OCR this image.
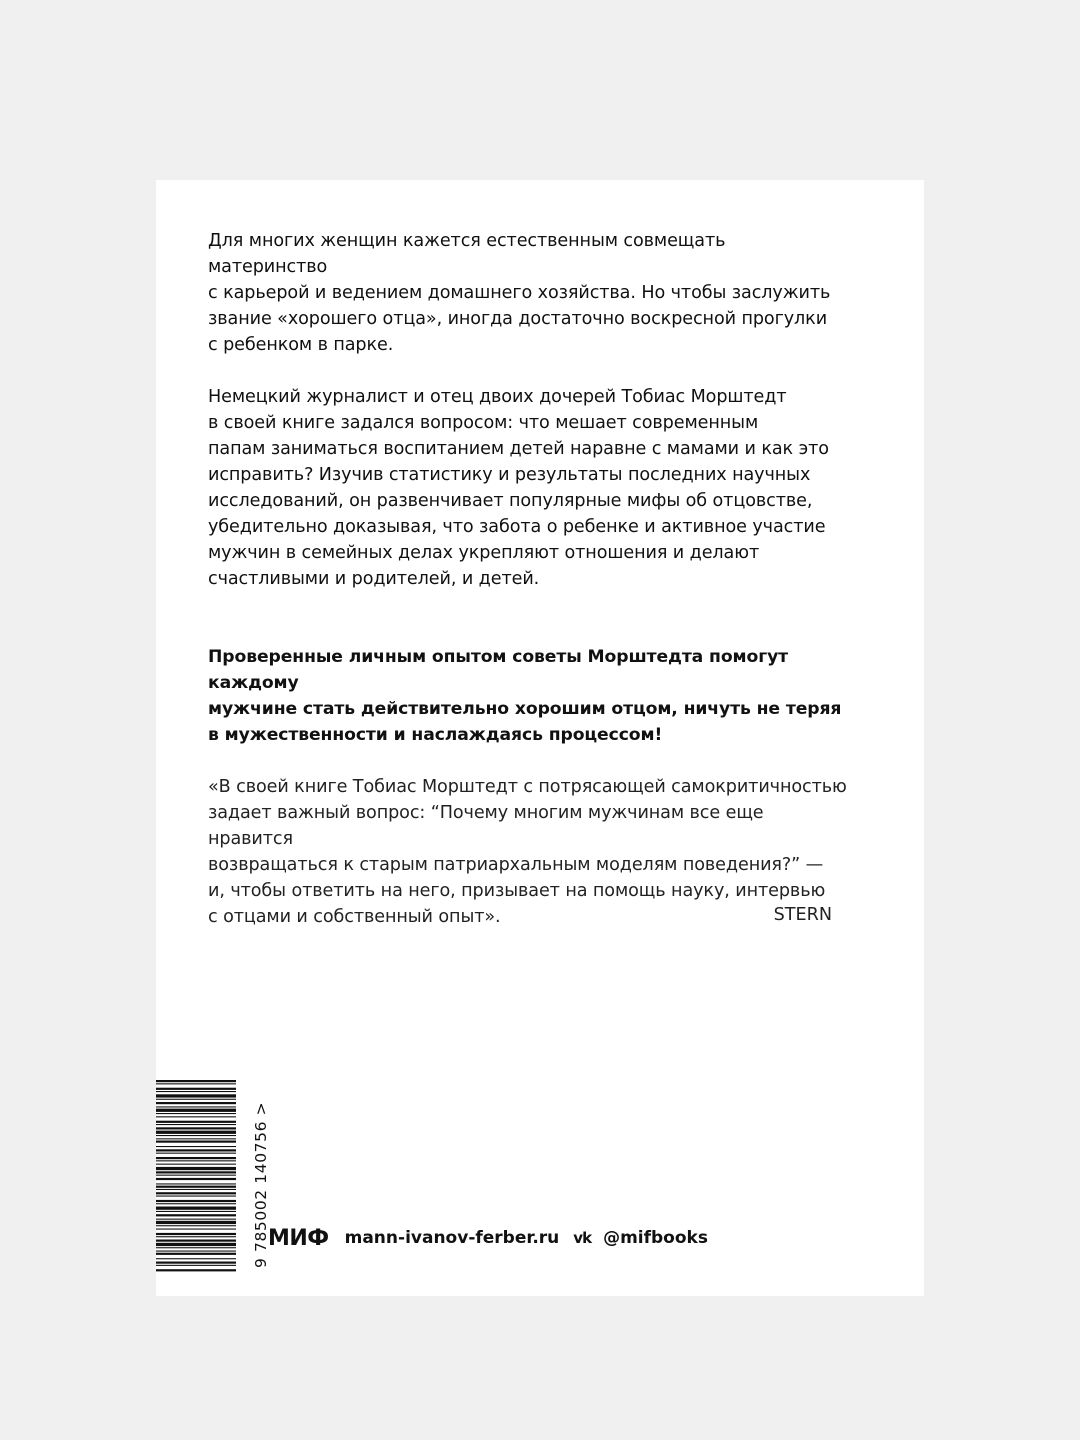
Для многих женщин кажется естественным совмещать материнство
с карьерой и ведением домашнего хозяйства. Но чтобы заслужить
звание «хорошего отца», иногда достаточно воскресной прогулки
с ребенком в парке.

Немецкий журналист и отец двоих дочерей Тобиас Морштедт
в своей книге задался вопросом: что мешает современным
папам заниматься воспитанием детей наравне с мамами и как это
исправить? Изучив статистику и результаты последних научных
исследований, он развенчивает популярные мифы об отцовстве,
убедительно доказывая, что забота о ребенке и активное участие
мужчин в семейных делах укрепляют отношения и делают
счастливыми и родителей, и детей.

Проверенные личным опытом советы Морштедта помогут каждому
мужчине стать действительно хорошим отцом, ничуть не теряя
в мужественности и наслаждаясь процессом!

«В своей книге Тобиас Морштедт с потрясающей самокритичностью
задает важный вопрос: “Почему многим мужчинам все еще нравится
возвращаться к старым патриархальным моделям поведения?” —
и, чтобы ответить на него, призывает на помощь науку, интервью
с отцами и собственный опыт».	STERN
9 785002 140756 >
МИФ mann-ivanov-ferber.ru vk @mifbooks
